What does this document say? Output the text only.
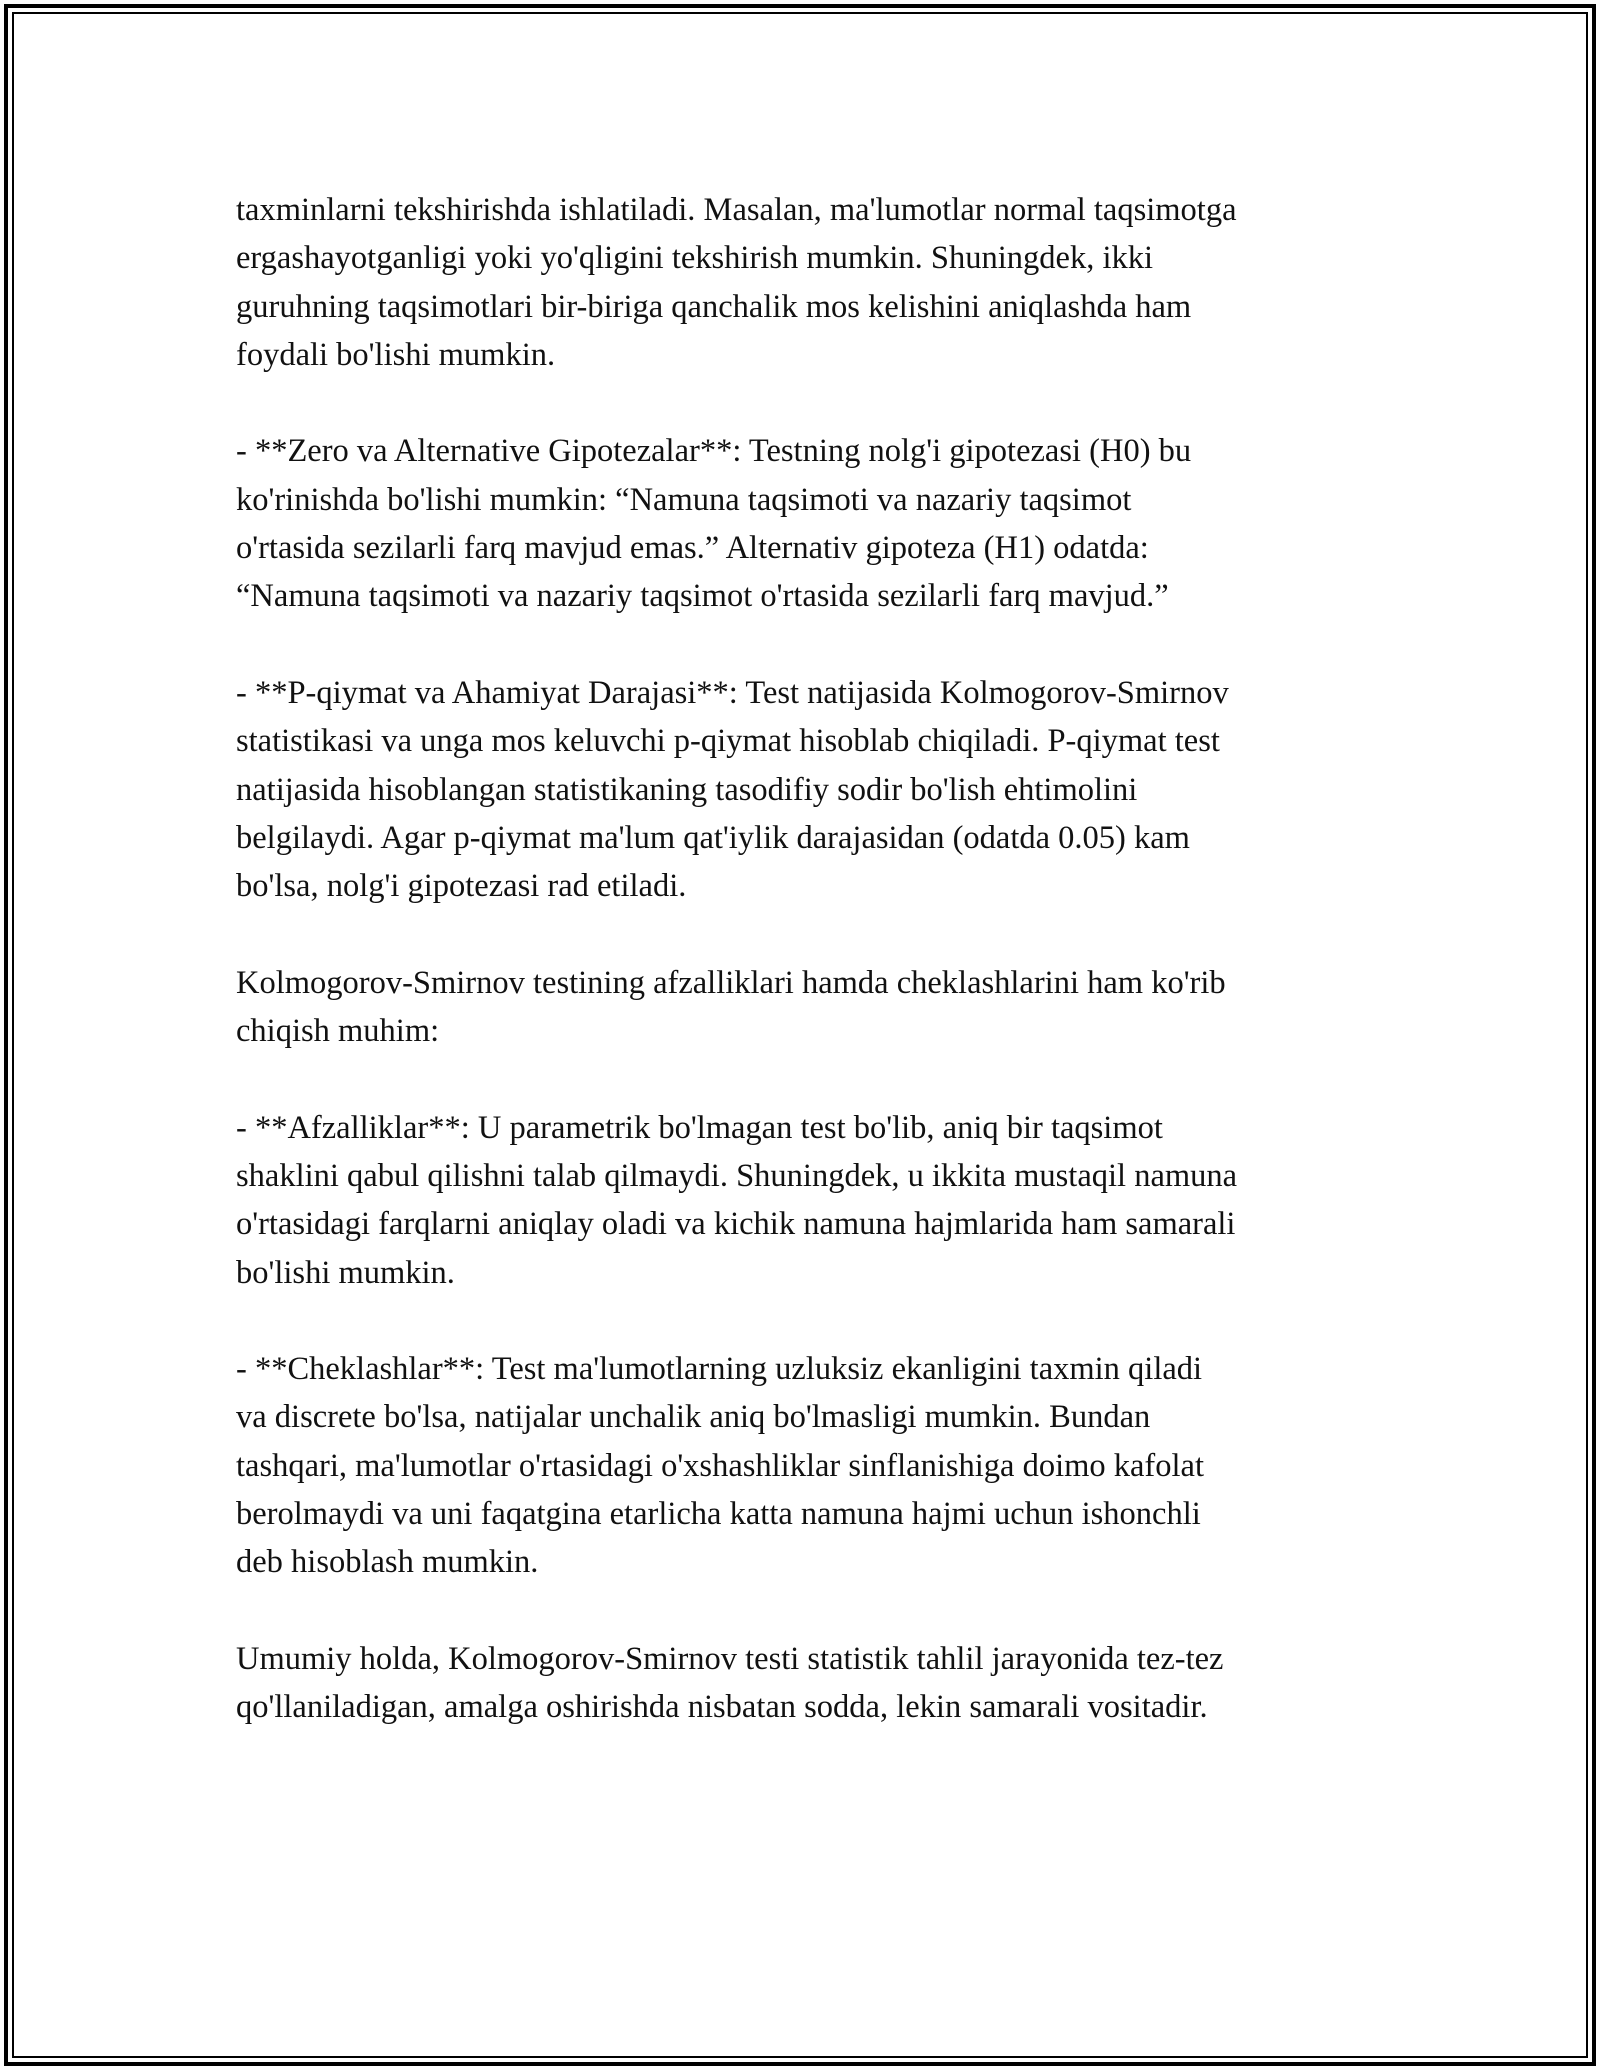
taxminlarni tekshirishda ishlatiladi. Masalan, ma'lumotlar normal taqsimotga
ergashayotganligi yoki yo'qligini tekshirish mumkin. Shuningdek, ikki
guruhning taqsimotlari bir-biriga qanchalik mos kelishini aniqlashda ham
foydali bo'lishi mumkin.

- **Zero va Alternative Gipotezalar**: Testning nolg'i gipotezasi (H0) bu
ko'rinishda bo'lishi mumkin: “Namuna taqsimoti va nazariy taqsimot
o'rtasida sezilarli farq mavjud emas.” Alternativ gipoteza (H1) odatda:
“Namuna taqsimoti va nazariy taqsimot o'rtasida sezilarli farq mavjud.”

- **P-qiymat va Ahamiyat Darajasi**: Test natijasida Kolmogorov-Smirnov
statistikasi va unga mos keluvchi p-qiymat hisoblab chiqiladi. P-qiymat test
natijasida hisoblangan statistikaning tasodifiy sodir bo'lish ehtimolini
belgilaydi. Agar p-qiymat ma'lum qat'iylik darajasidan (odatda 0.05) kam
bo'lsa, nolg'i gipotezasi rad etiladi.

Kolmogorov-Smirnov testining afzalliklari hamda cheklashlarini ham ko'rib
chiqish muhim:

- **Afzalliklar**: U parametrik bo'lmagan test bo'lib, aniq bir taqsimot
shaklini qabul qilishni talab qilmaydi. Shuningdek, u ikkita mustaqil namuna
o'rtasidagi farqlarni aniqlay oladi va kichik namuna hajmlarida ham samarali
bo'lishi mumkin.

- **Cheklashlar**: Test ma'lumotlarning uzluksiz ekanligini taxmin qiladi
va discrete bo'lsa, natijalar unchalik aniq bo'lmasligi mumkin. Bundan
tashqari, ma'lumotlar o'rtasidagi o'xshashliklar sinflanishiga doimo kafolat
berolmaydi va uni faqatgina etarlicha katta namuna hajmi uchun ishonchli
deb hisoblash mumkin.

Umumiy holda, Kolmogorov-Smirnov testi statistik tahlil jarayonida tez-tez
qo'llaniladigan, amalga oshirishda nisbatan sodda, lekin samarali vositadir.
